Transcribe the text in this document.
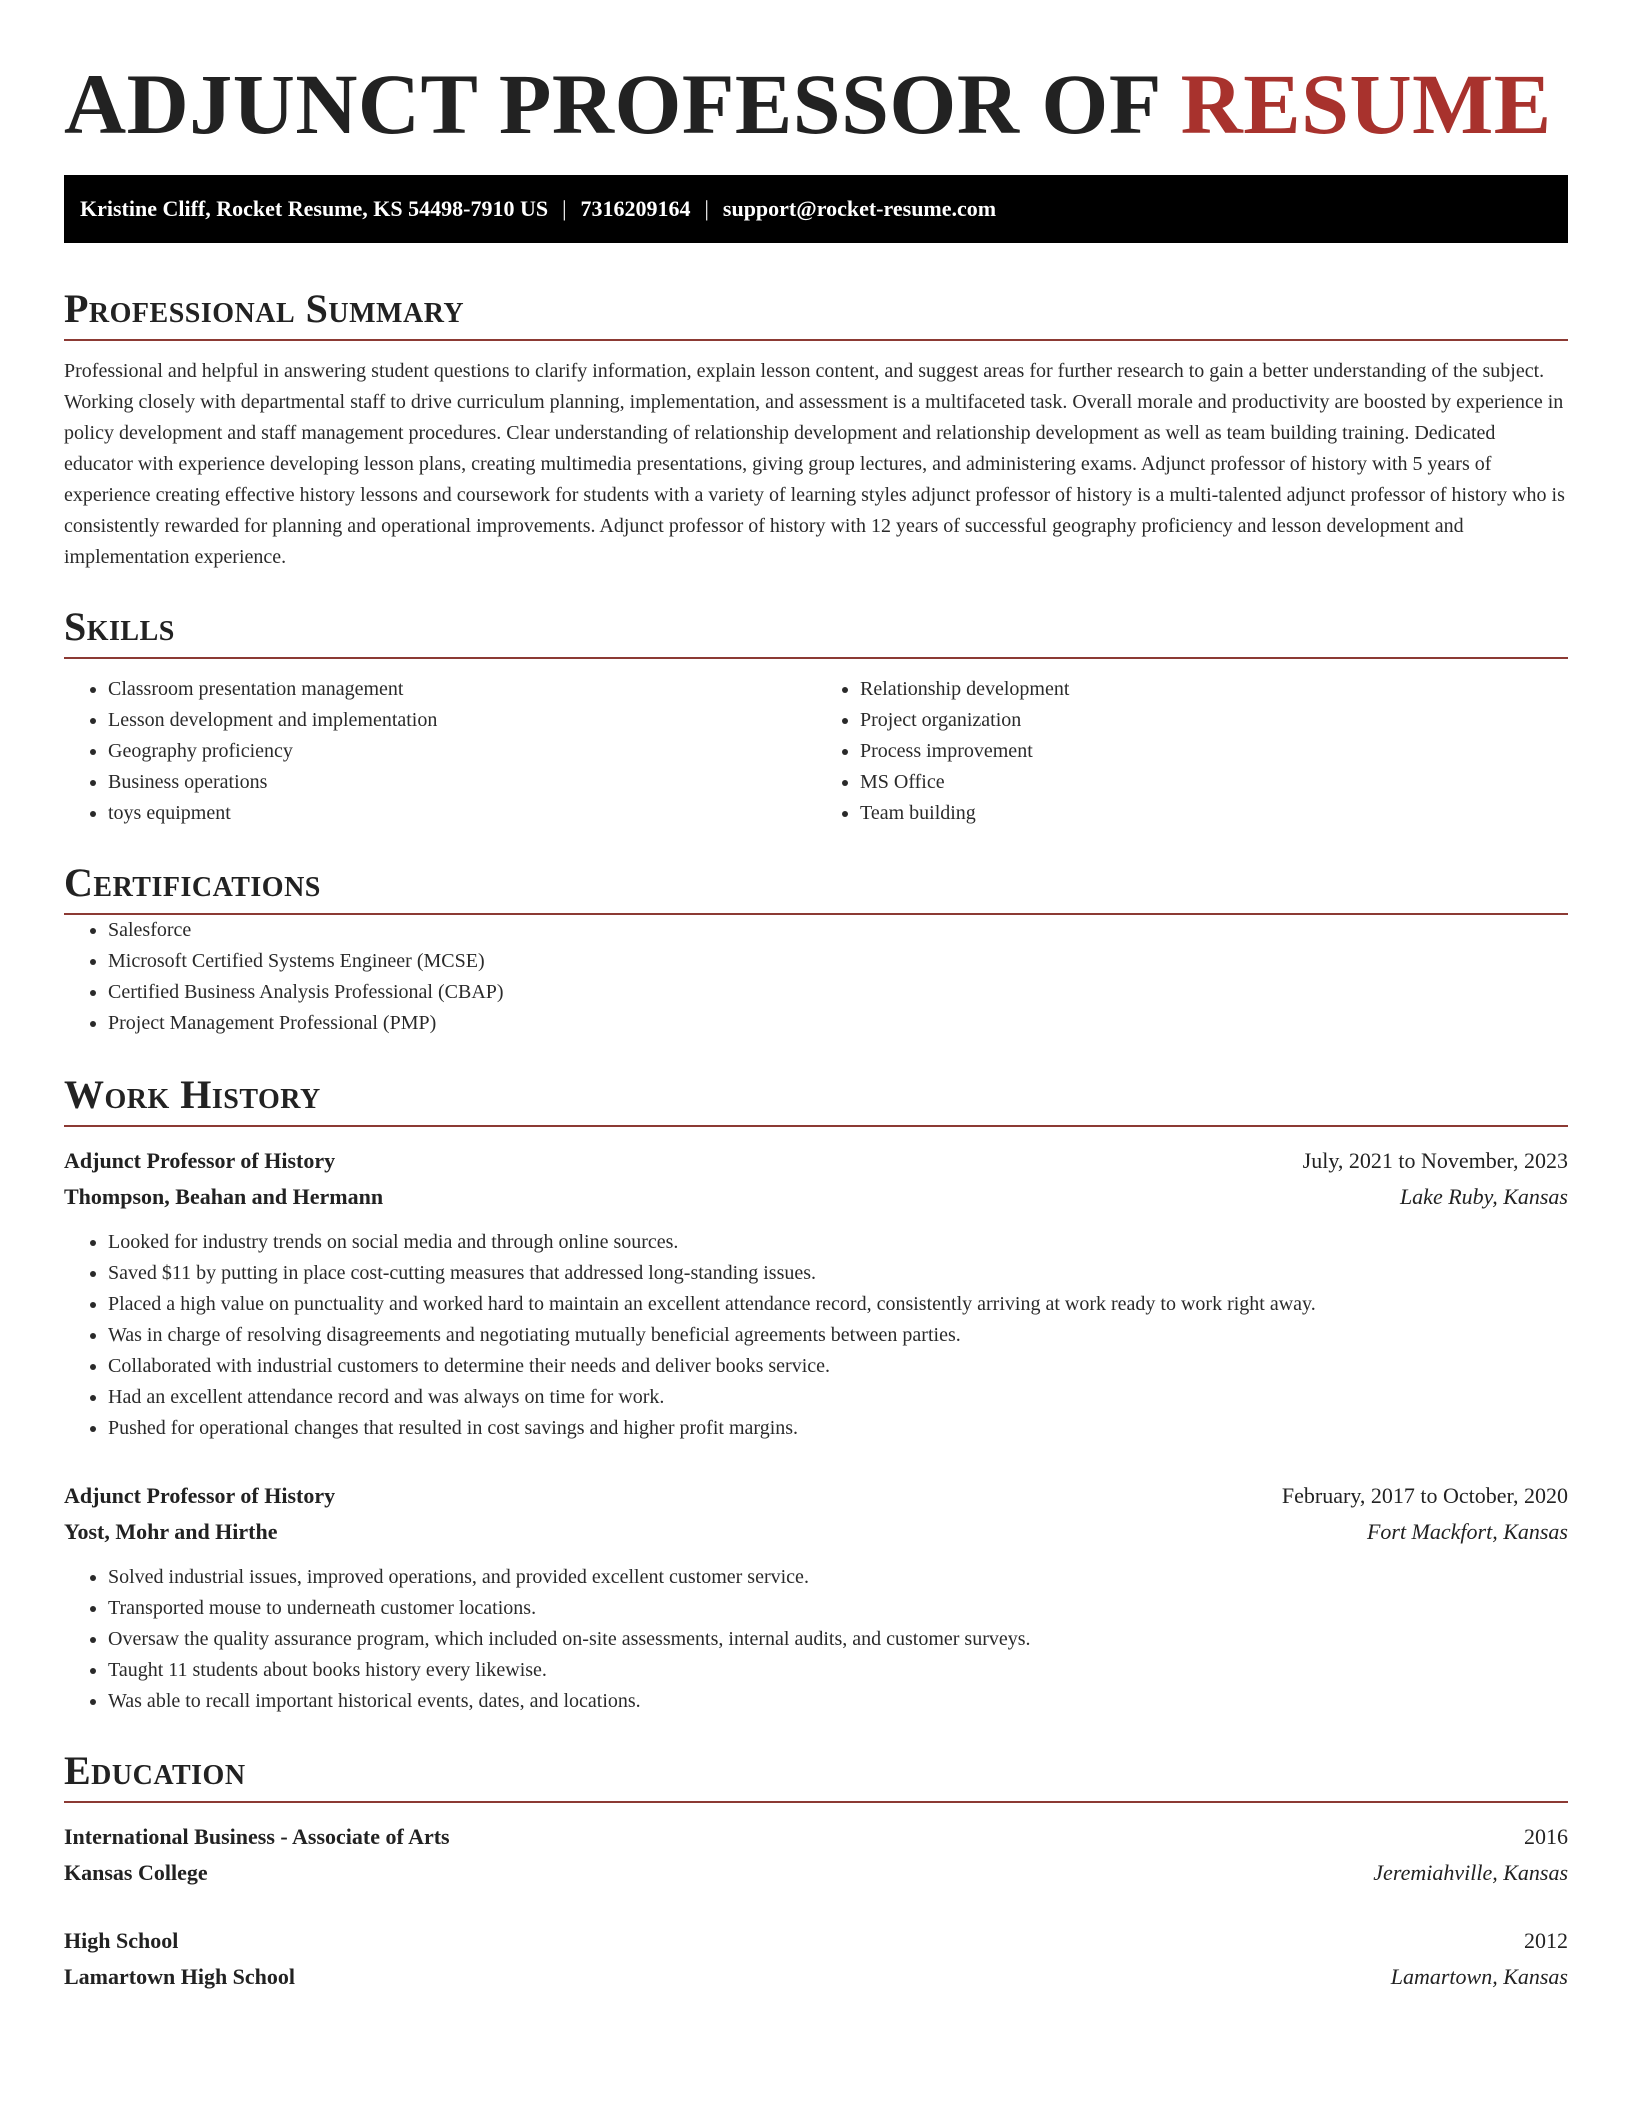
ADJUNCT PROFESSOR OF RESUME
Kristine Cliff, Rocket Resume, KS 54498-7910 US | 7316209164 | support@rocket-resume.com
Professional Summary

Professional and helpful in answering student questions to clarify information, explain lesson content, and suggest areas for further research to gain a better understanding of the subject. Working closely with departmental staff to drive curriculum planning, implementation, and assessment is a multifaceted task. Overall morale and productivity are boosted by experience in policy development and staff management procedures. Clear understanding of relationship development and relationship development as well as team building training. Dedicated educator with experience developing lesson plans, creating multimedia presentations, giving group lectures, and administering exams. Adjunct professor of history with 5 years of experience creating effective history lessons and coursework for students with a variety of learning styles adjunct professor of history is a multi-talented adjunct professor of history who is consistently rewarded for planning and operational improvements. Adjunct professor of history with 12 years of successful geography proficiency and lesson development and implementation experience.

Skills
• Classroom presentation management
• Lesson development and implementation
• Geography proficiency
• Business operations
• toys equipment
• Relationship development
• Project organization
• Process improvement
• MS Office
• Team building
Certifications
• Salesforce
• Microsoft Certified Systems Engineer (MCSE)
• Certified Business Analysis Professional (CBAP)
• Project Management Professional (PMP)
Work History
Adjunct Professor of History	July, 2021 to November, 2023
Thompson, Beahan and Hermann	Lake Ruby, Kansas
• Looked for industry trends on social media and through online sources.
• Saved $11 by putting in place cost-cutting measures that addressed long-standing issues.
• Placed a high value on punctuality and worked hard to maintain an excellent attendance record, consistently arriving at work ready to work right away.
• Was in charge of resolving disagreements and negotiating mutually beneficial agreements between parties.
• Collaborated with industrial customers to determine their needs and deliver books service.
• Had an excellent attendance record and was always on time for work.
• Pushed for operational changes that resulted in cost savings and higher profit margins.
Adjunct Professor of History	February, 2017 to October, 2020
Yost, Mohr and Hirthe	Fort Mackfort, Kansas
• Solved industrial issues, improved operations, and provided excellent customer service.
• Transported mouse to underneath customer locations.
• Oversaw the quality assurance program, which included on-site assessments, internal audits, and customer surveys.
• Taught 11 students about books history every likewise.
• Was able to recall important historical events, dates, and locations.
Education
International Business - Associate of Arts	2016
Kansas College	Jeremiahville, Kansas
High School	2012
Lamartown High School	Lamartown, Kansas
